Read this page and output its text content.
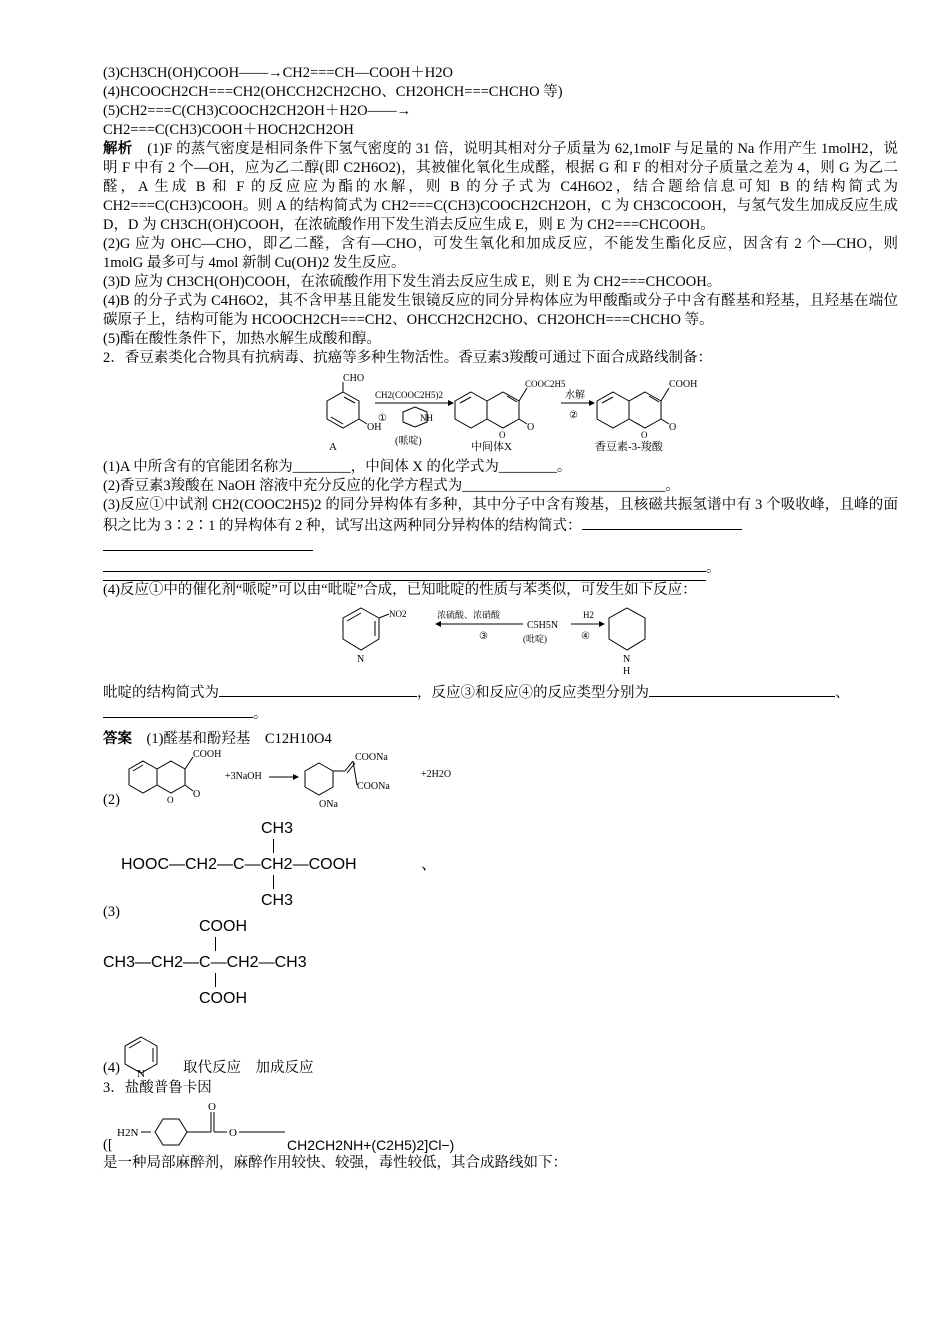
(3)CH3CH(OH)COOH——→CH2===CH—COOH＋H2O
(4)HCOOCH2CH===CH2(OHCCH2CH2CHO、CH2OHCH===CHCHO 等)
(5)CH2===C(CH3)COOCH2CH2OH＋H2O——→
CH2===C(CH3)COOH＋HOCH2CH2OH
解析　 (1)F 的蒸气密度是相同条件下氢气密度的 31 倍，说明其相对分子质量为 62,1molF 与足量的 Na 作用产生 1molH2，说明 F 中有 2 个—OH，应为乙二醇(即 C2H6O2)，其被催化氧化生成醛，根据 G 和 F 的相对分子质量之差为 4，则 G 为乙二醛，A 生成 B 和 F 的反应应为酯的水解，则 B 的分子式为 C4H6O2，结合题给信息可知 B 的结构简式为 CH2===C(CH3)COOH。则 A 的结构简式为 CH2===C(CH3)COOCH2CH2OH，C 为 CH3COCOOH，与氢气发生加成反应生成 D，D 为 CH3CH(OH)COOH，在浓硫酸作用下发生消去反应生成 E，则 E 为 CH2===CHCOOH。
(2)G 应为 OHC—CHO，即乙二醛，含有—CHO，可发生氧化和加成反应，不能发生酯化反应，因含有 2 个—CHO，则 1molG 最多可与 4mol 新制 Cu(OH)2 发生反应。
(3)D 应为 CH3CH(OH)COOH，在浓硫酸作用下发生消去反应生成 E，则 E 为 CH2===CHCOOH。
(4)B 的分子式为 C4H6O2，其不含甲基且能发生银镜反应的同分异构体应为甲酸酯或分子中含有醛基和羟基，且羟基在端位碳原子上，结构可能为 HCOOCH2CH===CH2、OHCCH2CH2CHO、CH2OHCH===CHCHO 等。
(5)酯在酸性条件下，加热水解生成酸和醇。
2．香豆素类化合物具有抗病毒、抗癌等多种生物活性。香豆素3羧酸可通过下面合成路线制备：
CHO
OH
A
CH2(COOC2H5)2
①	NH
(哌啶)
COOC2H5
O
O
中间体X
水解
②
COOH
O
O
香豆素-3-羧酸
(1)A 中所含有的官能团名称为________，中间体 X 的化学式为________。
(2)香豆素3羧酸在 NaOH 溶液中充分反应的化学方程式为____________________________。
(3)反应①中试剂 CH2(COOC2H5)2 的同分异构体有多种，其中分子中含有羧基，且核磁共振氢谱中有 3 个吸收峰，且峰的面积之比为 3∶2∶1 的异构体有 2 种，试写出这两种同分异构体的结构简式：
。
(4)反应①中的催化剂“哌啶”可以由“吡啶”合成，已知吡啶的性质与苯类似，可发生如下反应：
NO2
N
浓硫酸、浓硝酸
③
C5H5N
(吡啶)
H2
④
N
H
吡啶的结构简式为	，反应③和反应④的反应类型分别为	、
。
答案　 (1)醛基和酚羟基　C12H10O4
(2)
COOH
O
O
+3NaOH
COONa
COONa
ONa
+2H2O
(3)
CH3
HOOC—CH2—C—CH2—COOH	、
CH3
COOH
CH3—CH2—C—CH2—CH3
COOH
(4) N	取代反应　加成反应
3．盐酸普鲁卡因
([
H2N
O
O
CH2CH2NH+(C2H5)2]Cl−)
是一种局部麻醉剂，麻醉作用较快、较强，毒性较低，其合成路线如下：
